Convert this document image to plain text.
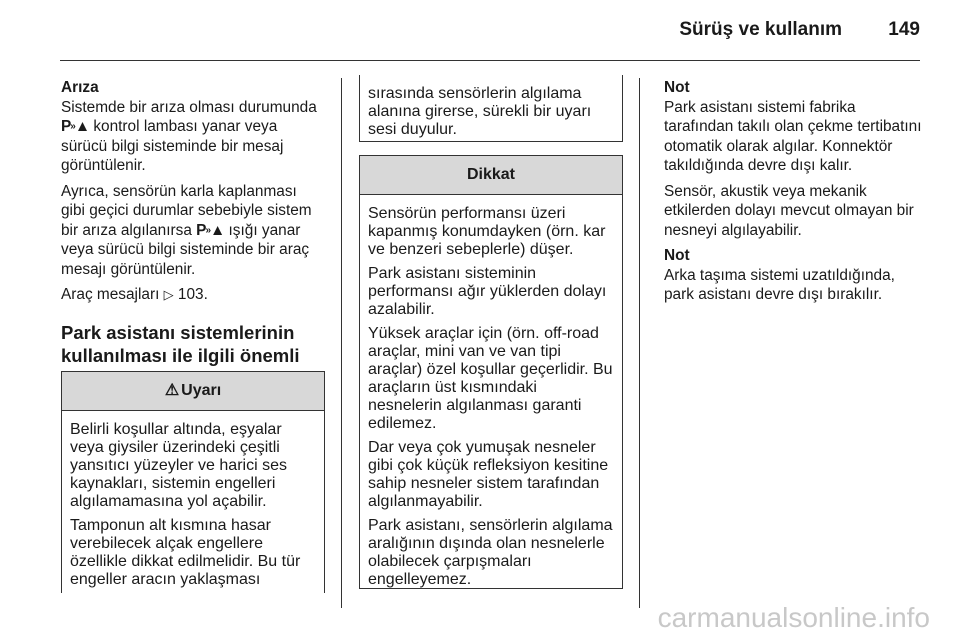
Sürüş ve kullanım 149

Arıza

Sistemde bir arıza olması durumunda P»▲ kontrol lambası yanar veya sürücü bilgi sisteminde bir mesaj görüntülenir.

Ayrıca, sensörün karla kaplanması gibi geçici durumlar sebebiyle sistem bir arıza algılanırsa P»▲ ışığı yanar veya sürücü bilgi sisteminde bir araç mesajı görüntülenir.

Araç mesajları ▷ 103.

Park asistanı sistemlerinin kullanılması ile ilgili önemli

⚠ Uyarı

Belirli koşullar altında, eşyalar veya giysiler üzerindeki çeşitli yansıtıcı yüzeyler ve harici ses kaynakları, sistemin engelleri algılamamasına yol açabilir.

Tamponun alt kısmına hasar verebilecek alçak engellere özellikle dikkat edilmelidir. Bu tür engeller aracın yaklaşması

sırasında sensörlerin algılama alanına girerse, sürekli bir uyarı sesi duyulur.

Dikkat

Sensörün performansı üzeri kapanmış konumdayken (örn. kar ve benzeri sebeplerle) düşer.

Park asistanı sisteminin performansı ağır yüklerden dolayı azalabilir.

Yüksek araçlar için (örn. off-road araçlar, mini van ve van tipi araçlar) özel koşullar geçerlidir. Bu araçların üst kısmındaki nesnelerin algılanması garanti edilemez.

Dar veya çok yumuşak nesneler gibi çok küçük refleksiyon kesitine sahip nesneler sistem tarafından algılanmayabilir.

Park asistanı, sensörlerin algılama aralığının dışında olan nesnelerle olabilecek çarpışmaları engelleyemez.

Not

Park asistanı sistemi fabrika tarafından takılı olan çekme tertibatını otomatik olarak algılar. Konnektör takıldığında devre dışı kalır.

Sensör, akustik veya mekanik etkilerden dolayı mevcut olmayan bir nesneyi algılayabilir.

Not

Arka taşıma sistemi uzatıldığında, park asistanı devre dışı bırakılır.

carmanualsonline.info
